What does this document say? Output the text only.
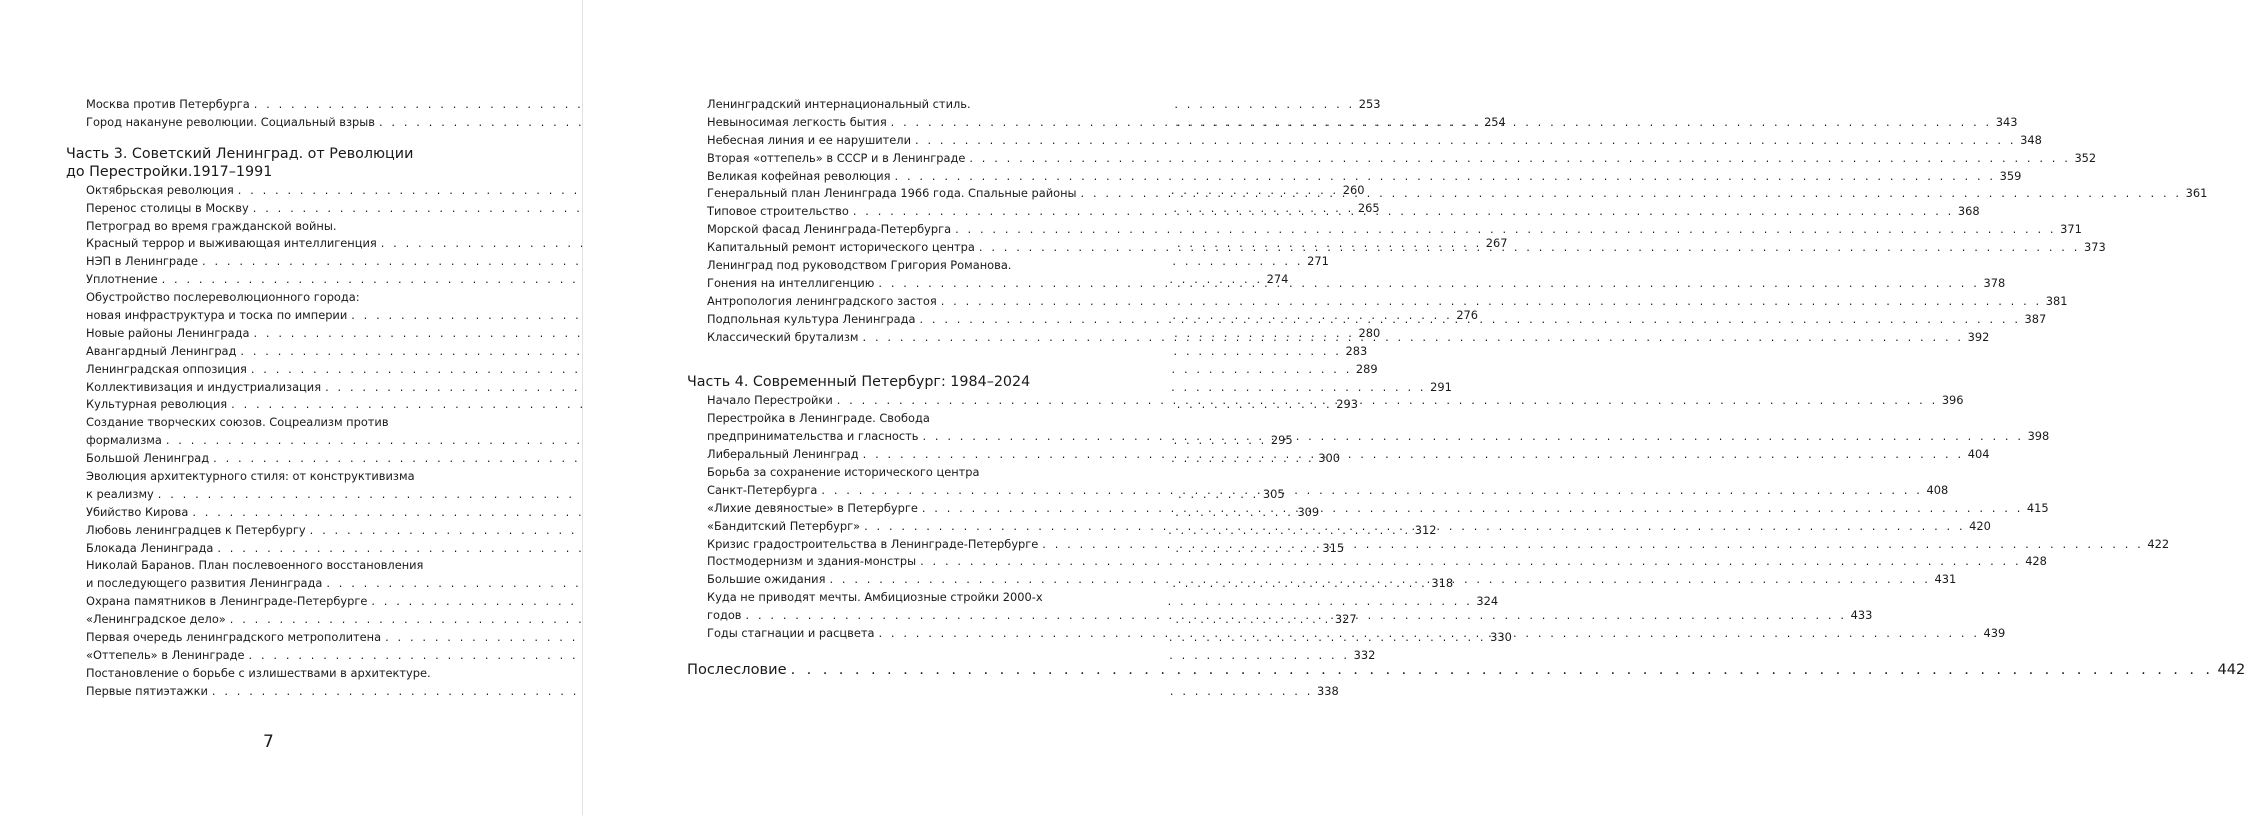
Москва против Петербурга . . .	253
Город накануне революции. Социальный взрыв . . .	254
Часть 3. Советский Ленинград. от Революции
до Перестройки.1917–1991
Октябрьская революция . . .	260
Перенос столицы в Москву . . .	265
Петроград во время гражданской войны.
Красный террор и выживающая интеллигенция . . .	267
НЭП в Ленинграде . . .	271
Уплотнение . . .	274
Обустройство послереволюционного города:
новая инфраструктура и тоска по империи . . .	276
Новые районы Ленинграда . . .	280
Авангардный Ленинград . . .	283
Ленинградская оппозиция . . .	289
Коллективизация и индустриализация . . .	291
Культурная революция . . .	293
Создание творческих союзов. Соцреализм против
формализма . . .	295
Большой Ленинград . . .	300
Эволюция архитектурного стиля: от конструктивизма
к реализму . . .	305
Убийство Кирова . . .	309
Любовь ленинградцев к Петербургу . . .	312
Блокада Ленинграда . . .	315
Николай Баранов. План послевоенного восстановления
и последующего развития Ленинграда . . .	318
Охрана памятников в Ленинграде-Петербурге . . .	324
«Ленинградское дело» . . .	327
Первая очередь ленинградского метрополитена . . .	330
«Оттепель» в Ленинграде . . .	332
Постановление о борьбе с излишествами в архитектуре.
Первые пятиэтажки . . .	338
7
Ленинградский интернациональный стиль.
Невыносимая легкость бытия . . .	343
Небесная линия и ее нарушители . . .	348
Вторая «оттепель» в СССР и в Ленинграде . . .	352
Великая кофейная революция . . .	359
Генеральный план Ленинграда 1966 года. Спальные районы . . .	361
Типовое строительство . . .	368
Морской фасад Ленинграда-Петербурга . . .	371
Капитальный ремонт исторического центра . . .	373
Ленинград под руководством Григория Романова.
Гонения на интеллигенцию . . .	378
Антропология ленинградского застоя . . .	381
Подпольная культура Ленинграда . . .	387
Классический брутализм . . .	392
Часть 4. Современный Петербург: 1984–2024
Начало Перестройки . . .	396
Перестройка в Ленинграде. Свобода
предпринимательства и гласность . . .	398
Либеральный Ленинград . . .	404
Борьба за сохранение исторического центра
Санкт-Петербурга . . .	408
«Лихие девяностые» в Петербурге . . .	415
«Бандитский Петербург» . . .	420
Кризис градостроительства в Ленинграде-Петербурге . . .	422
Постмодернизм и здания-монстры . . .	428
Большие ожидания . . .	431
Куда не приводят мечты. Амбициозные стройки 2000-х
годов . . .	433
Годы стагнации и расцвета . . .	439
Послесловие . . .	442
